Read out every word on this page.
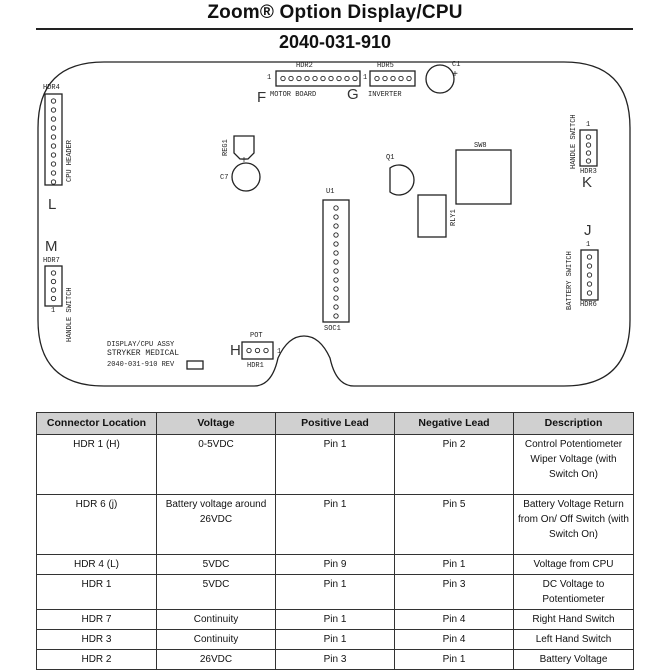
Zoom® Option Display/CPU
2040-031-910
HDR2
1
MOTOR BOARD
HDR5
1
INVERTER
C1
+
HDR4
CPU HEADER	REG1
C7
+	Q1
SW8	HANDLE SWITCH 1
HDR3
U1
RLY1
HDR7
1 HANDLE SWITCH
BATTERY SWITCH
1
HDR6
POT
1
HDR1
SOC1
DISPLAY/CPU ASSY
STRYKER MEDICAL
2040-031-910 REV
F	G
L
M
K
J
H
Connector Location	Voltage	Positive Lead	Negative Lead	Description
HDR 1 (H)	0-5VDC	Pin 1	Pin 2	Control Potentiometer Wiper Voltage (with Switch On)
HDR 6 (j)	Battery voltage around 26VDC	Pin 1	Pin 5	Battery Voltage Return from On/ Off Switch (with Switch On)
HDR 4 (L)	5VDC	Pin 9	Pin 1	Voltage from CPU
HDR 1	5VDC	Pin 1	Pin 3	DC Voltage to Potentiometer
HDR 7	Continuity	Pin 1	Pin 4	Right Hand Switch
HDR 3	Continuity	Pin 1	Pin 4	Left Hand Switch
HDR 2	26VDC	Pin 3	Pin 1	Battery Voltage
